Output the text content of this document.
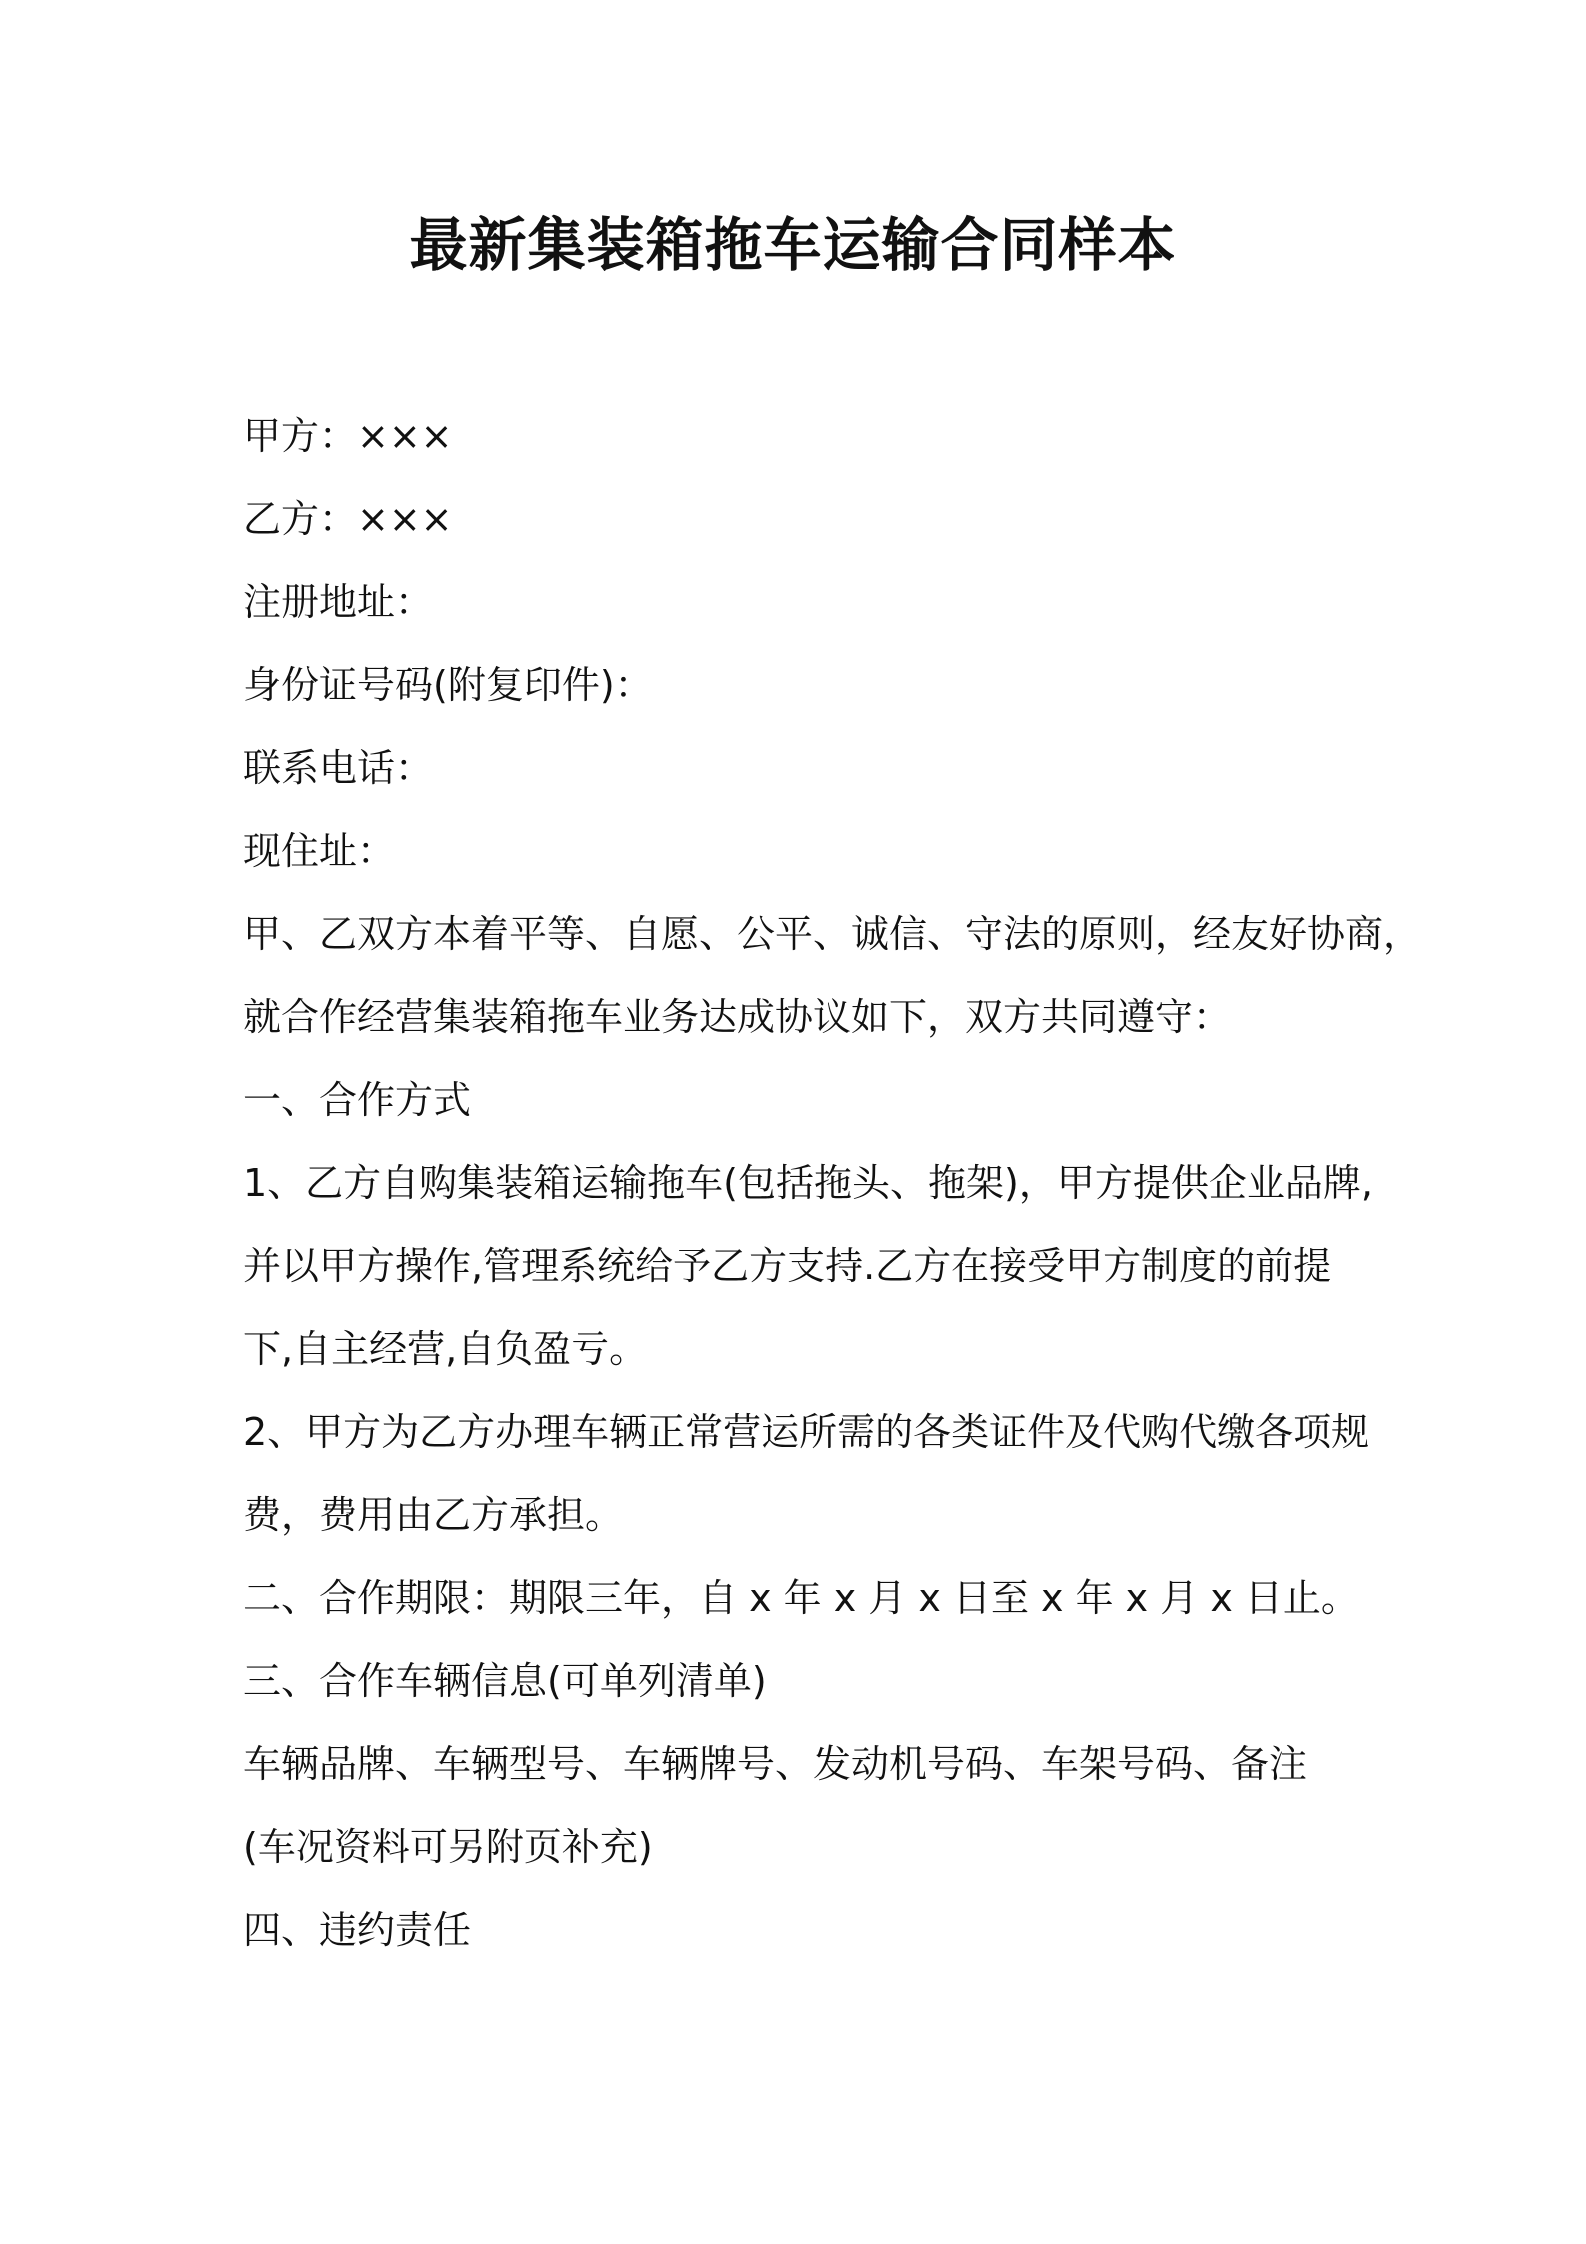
最新集装箱拖车运输合同样本
甲方：×××
乙方：×××
注册地址：
身份证号码(附复印件)：
联系电话：
现住址：
甲、乙双方本着平等、自愿、公平、诚信、守法的原则，经友好协商，
就合作经营集装箱拖车业务达成协议如下，双方共同遵守：
一、合作方式
1、乙方自购集装箱运输拖车(包括拖头、拖架)，甲方提供企业品牌,
并以甲方操作,管理系统给予乙方支持.乙方在接受甲方制度的前提
下,自主经营,自负盈亏。
2、甲方为乙方办理车辆正常营运所需的各类证件及代购代缴各项规
费，费用由乙方承担。
二、合作期限：期限三年，自 x 年 x 月 x 日至 x 年 x 月 x 日止。
三、合作车辆信息(可单列清单)
车辆品牌、车辆型号、车辆牌号、发动机号码、车架号码、备注
(车况资料可另附页补充)
四、违约责任
